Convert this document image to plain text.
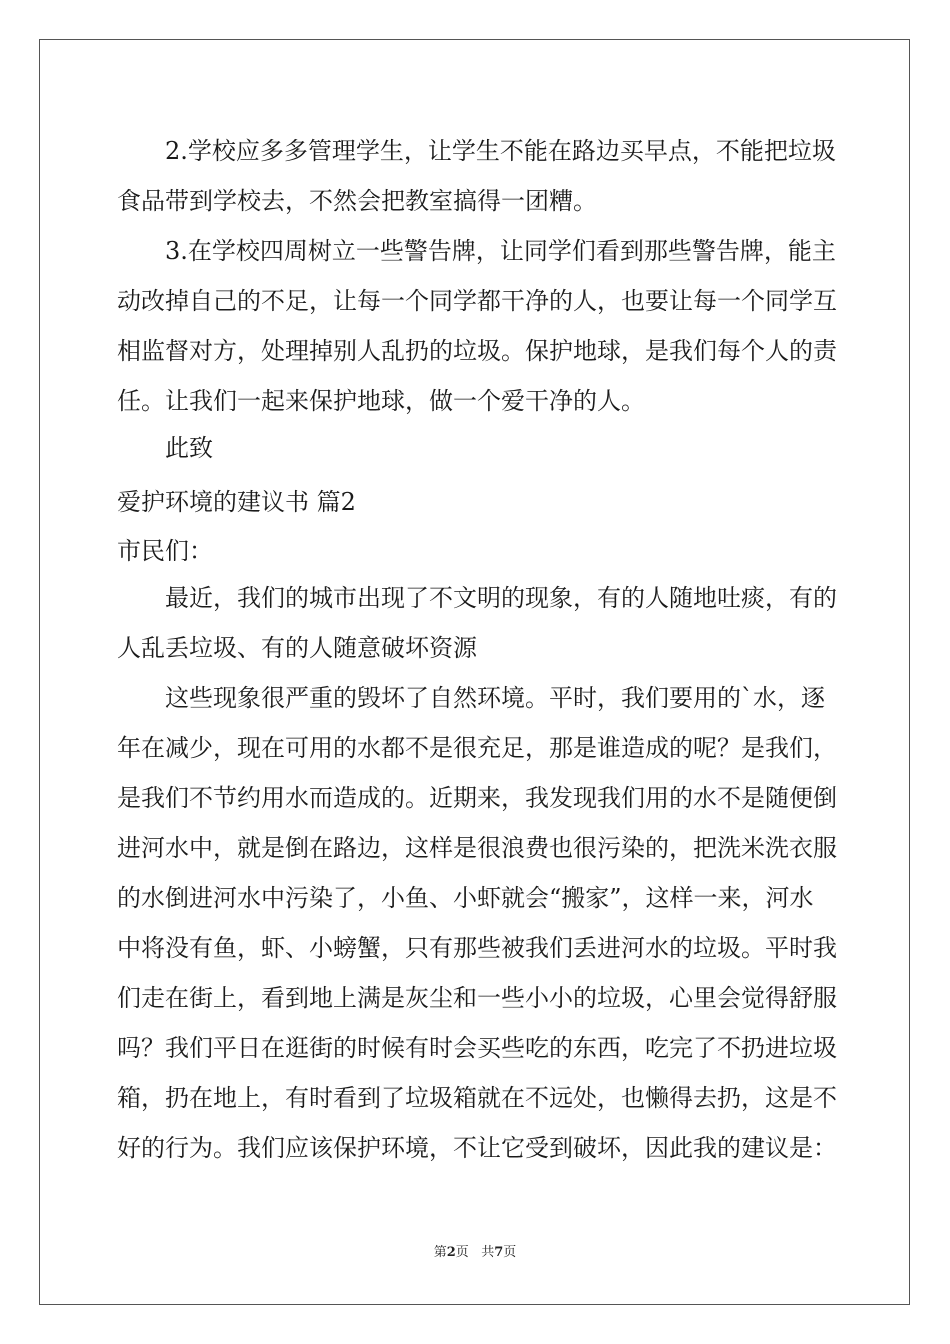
2.学校应多多管理学生，让学生不能在路边买早点，不能把垃圾
食品带到学校去，不然会把教室搞得一团糟。
3.在学校四周树立一些警告牌，让同学们看到那些警告牌，能主
动改掉自己的不足，让每一个同学都干净的人，也要让每一个同学互
相监督对方，处理掉别人乱扔的垃圾。保护地球，是我们每个人的责
任。让我们一起来保护地球，做一个爱干净的人。
此致
爱护环境的建议书 篇2
市民们：
最近，我们的城市出现了不文明的现象，有的人随地吐痰，有的
人乱丢垃圾、有的人随意破坏资源
这些现象很严重的毁坏了自然环境。平时，我们要用的`水，逐
年在减少，现在可用的水都不是很充足，那是谁造成的呢？是我们，
是我们不节约用水而造成的。近期来，我发现我们用的水不是随便倒
进河水中，就是倒在路边，这样是很浪费也很污染的，把洗米洗衣服
的水倒进河水中污染了，小鱼、小虾就会“搬家”，这样一来，河水
中将没有鱼，虾、小螃蟹，只有那些被我们丢进河水的垃圾。平时我
们走在街上，看到地上满是灰尘和一些小小的垃圾，心里会觉得舒服
吗？我们平日在逛街的时候有时会买些吃的东西，吃完了不扔进垃圾
箱，扔在地上，有时看到了垃圾箱就在不远处，也懒得去扔，这是不
好的行为。我们应该保护环境，不让它受到破坏，因此我的建议是：
第2页 共7页
